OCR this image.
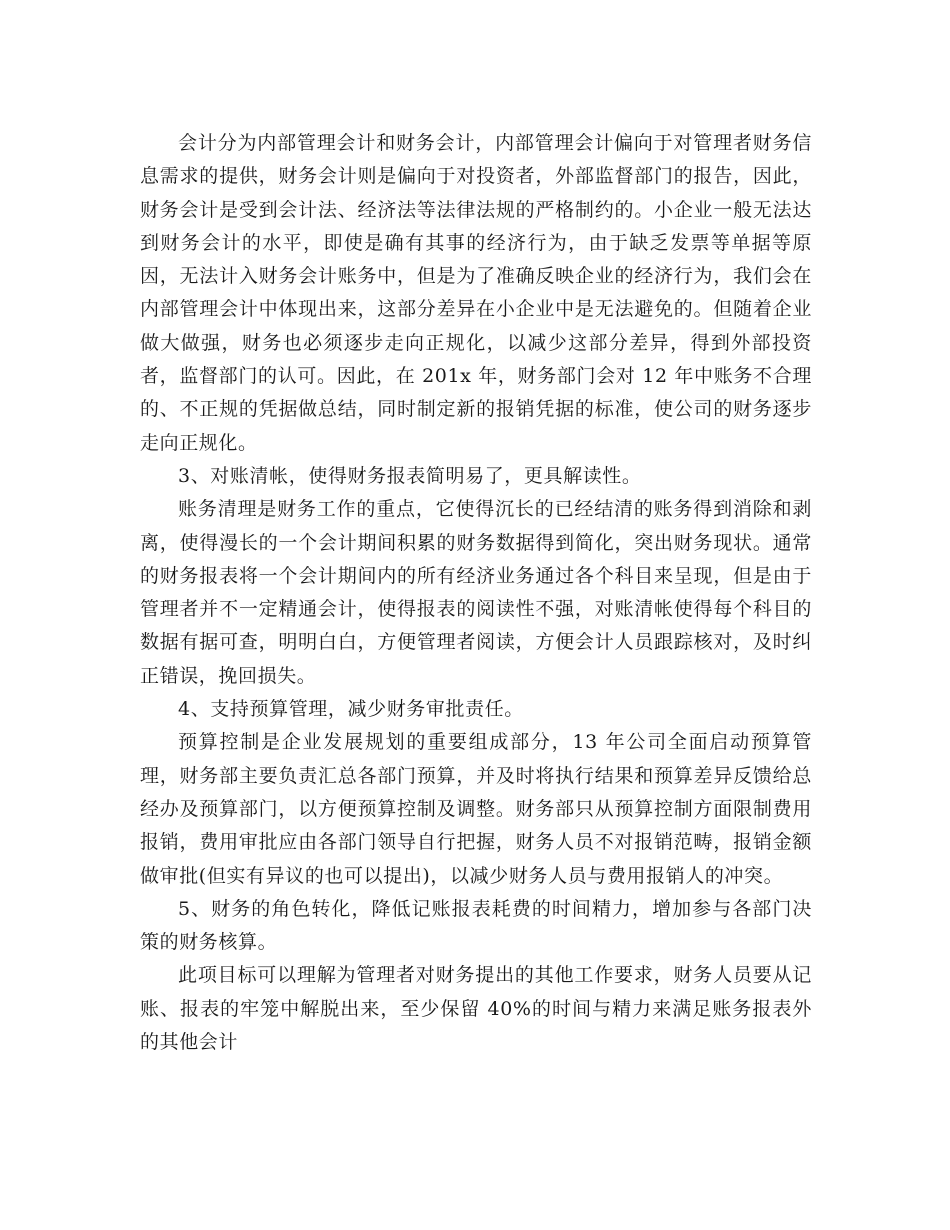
会计分为内部管理会计和财务会计，内部管理会计偏向于对管理者财务信息需求的提供，财务会计则是偏向于对投资者，外部监督部门的报告，因此，财务会计是受到会计法、经济法等法律法规的严格制约的。小企业一般无法达到财务会计的水平，即使是确有其事的经济行为，由于缺乏发票等单据等原因，无法计入财务会计账务中，但是为了准确反映企业的经济行为，我们会在内部管理会计中体现出来，这部分差异在小企业中是无法避免的。但随着企业做大做强，财务也必须逐步走向正规化，以减少这部分差异，得到外部投资者，监督部门的认可。因此，在 201x 年，财务部门会对 12 年中账务不合理的、不正规的凭据做总结，同时制定新的报销凭据的标准，使公司的财务逐步走向正规化。

3、对账清帐，使得财务报表简明易了，更具解读性。

账务清理是财务工作的重点，它使得沉长的已经结清的账务得到消除和剥离，使得漫长的一个会计期间积累的财务数据得到简化，突出财务现状。通常的财务报表将一个会计期间内的所有经济业务通过各个科目来呈现，但是由于管理者并不一定精通会计，使得报表的阅读性不强，对账清帐使得每个科目的数据有据可查，明明白白，方便管理者阅读，方便会计人员跟踪核对，及时纠正错误，挽回损失。

4、支持预算管理，减少财务审批责任。

预算控制是企业发展规划的重要组成部分，13 年公司全面启动预算管理，财务部主要负责汇总各部门预算，并及时将执行结果和预算差异反馈给总经办及预算部门，以方便预算控制及调整。财务部只从预算控制方面限制费用报销，费用审批应由各部门领导自行把握，财务人员不对报销范畴，报销金额做审批(但实有异议的也可以提出)，以减少财务人员与费用报销人的冲突。

5、财务的角色转化，降低记账报表耗费的时间精力，增加参与各部门决策的财务核算。

此项目标可以理解为管理者对财务提出的其他工作要求，财务人员要从记账、报表的牢笼中解脱出来，至少保留 40%的时间与精力来满足账务报表外的其他会计
